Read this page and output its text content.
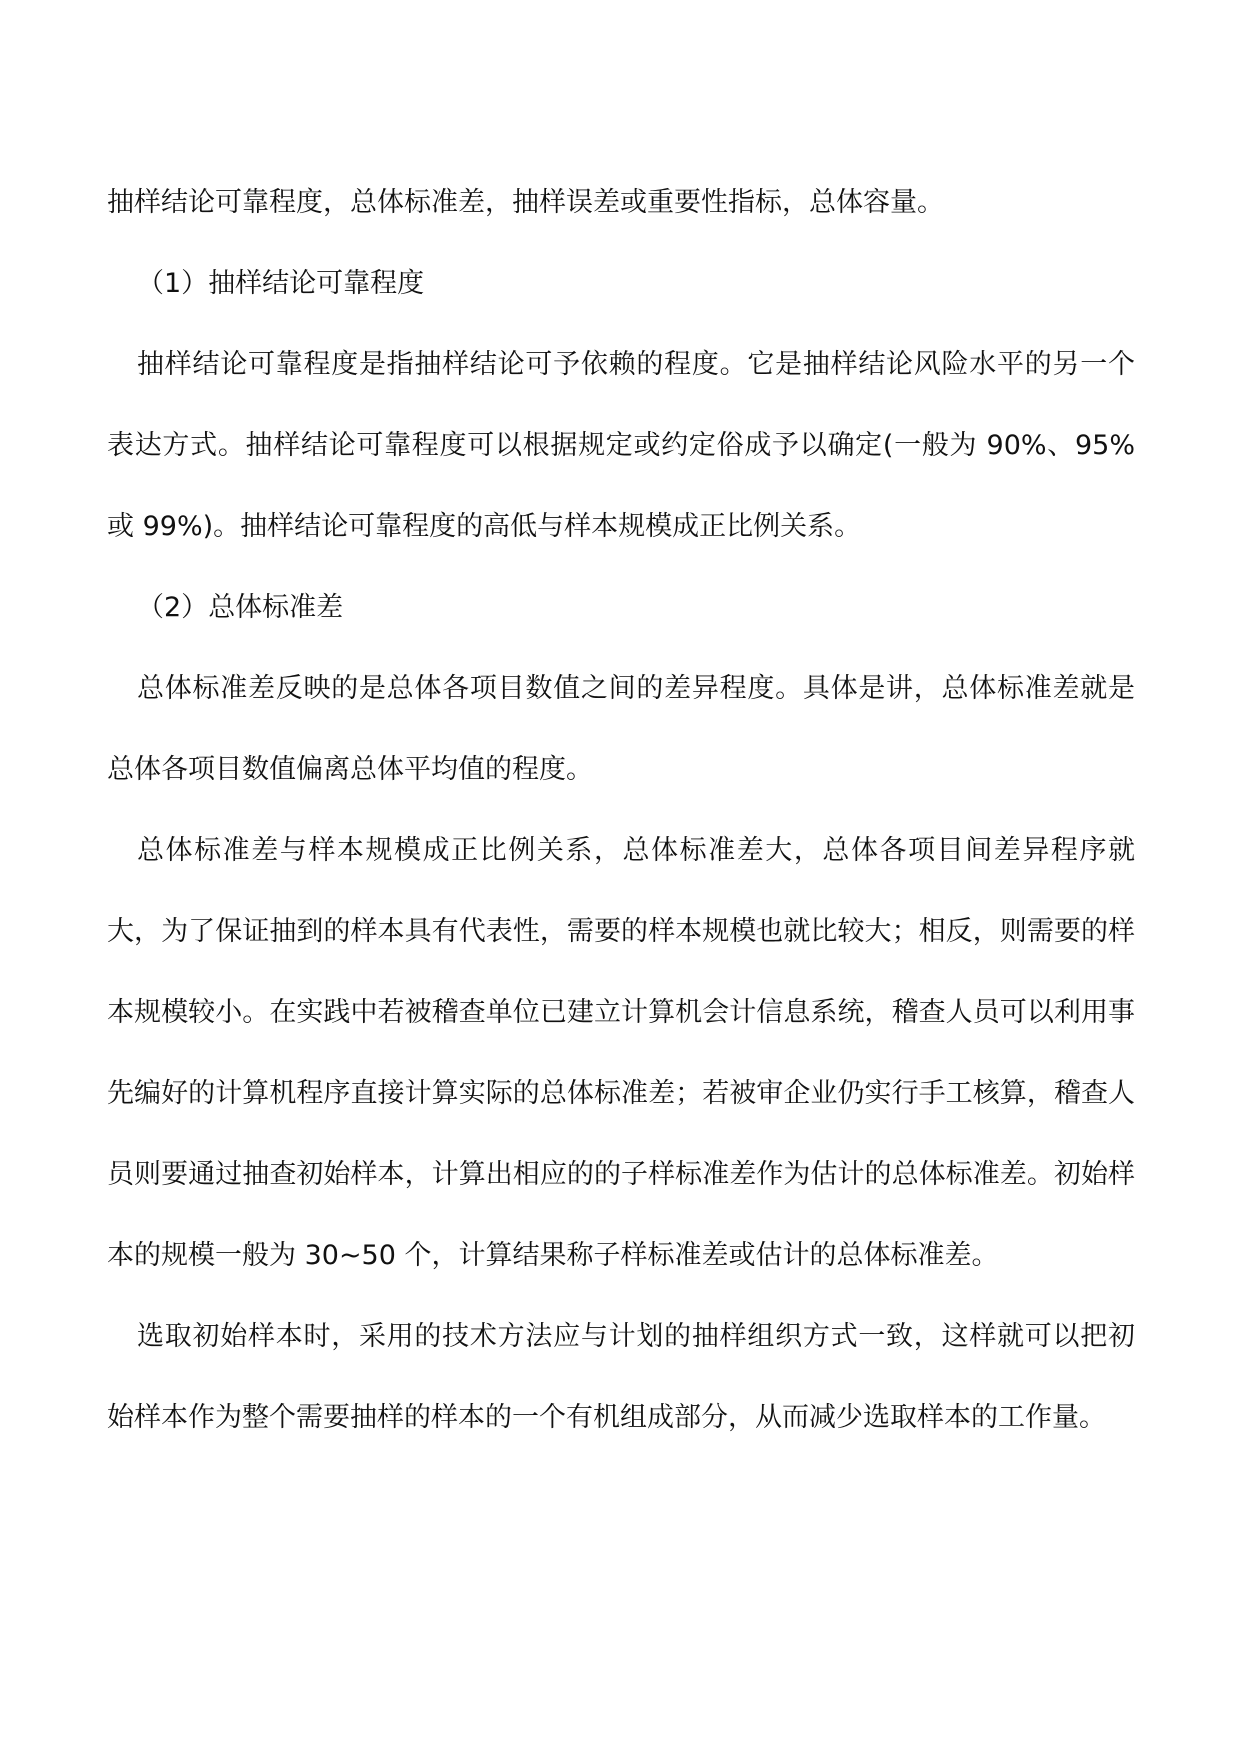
抽样结论可靠程度，总体标准差，抽样误差或重要性指标，总体容量。

（1）抽样结论可靠程度

抽样结论可靠程度是指抽样结论可予依赖的程度。它是抽样结论风险水平的另一个表达方式。抽样结论可靠程度可以根据规定或约定俗成予以确定(一般为 90%、95%或 99%)。抽样结论可靠程度的高低与样本规模成正比例关系。

（2）总体标准差

总体标准差反映的是总体各项目数值之间的差异程度。具体是讲，总体标准差就是总体各项目数值偏离总体平均值的程度。

总体标准差与样本规模成正比例关系，总体标准差大，总体各项目间差异程序就大，为了保证抽到的样本具有代表性，需要的样本规模也就比较大；相反，则需要的样本规模较小。在实践中若被稽查单位已建立计算机会计信息系统，稽查人员可以利用事先编好的计算机程序直接计算实际的总体标准差；若被审企业仍实行手工核算，稽查人员则要通过抽查初始样本，计算出相应的的子样标准差作为估计的总体标准差。初始样本的规模一般为 30~50 个，计算结果称子样标准差或估计的总体标准差。

选取初始样本时，采用的技术方法应与计划的抽样组织方式一致，这样就可以把初始样本作为整个需要抽样的样本的一个有机组成部分，从而减少选取样本的工作量。
